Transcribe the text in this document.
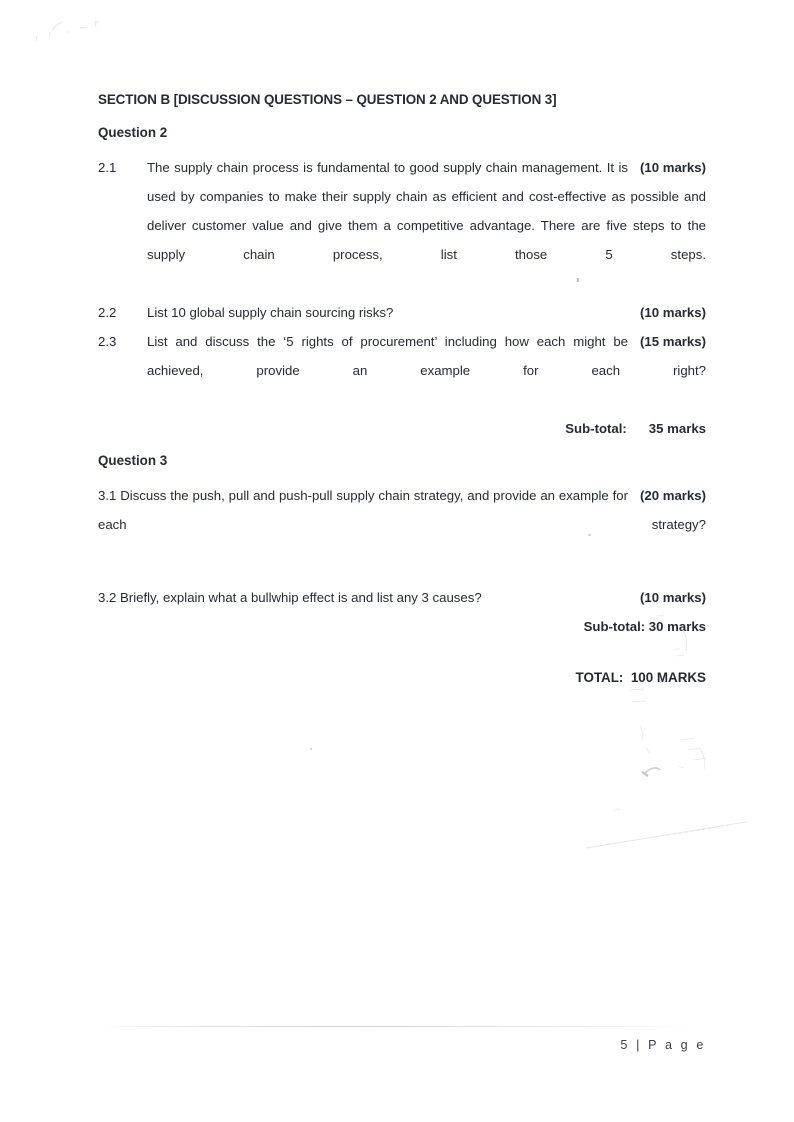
SECTION B [DISCUSSION QUESTIONS – QUESTION 2 AND QUESTION 3]
Question 2
2.1	(10 marks)
The supply chain process is fundamental to good supply chain management. It is used by companies to make their supply chain as efficient and cost-effective as possible and deliver customer value and give them a competitive advantage. There are five steps to the supply chain process, list those 5 steps.
2.2	(10 marks)
List 10 global supply chain sourcing risks?
2.3	(15 marks)
List and discuss the ‘5 rights of procurement’ including how each might be achieved, provide an example for each right?
Sub-total: 35 marks
Question 3
(20 marks)
3.1 Discuss the push, pull and push-pull supply chain strategy, and provide an example for each strategy?
(10 marks)
3.2 Briefly, explain what a bullwhip effect is and list any 3 causes?
Sub-total: 30 marks
TOTAL: 100 MARKS
5 | P a g e
